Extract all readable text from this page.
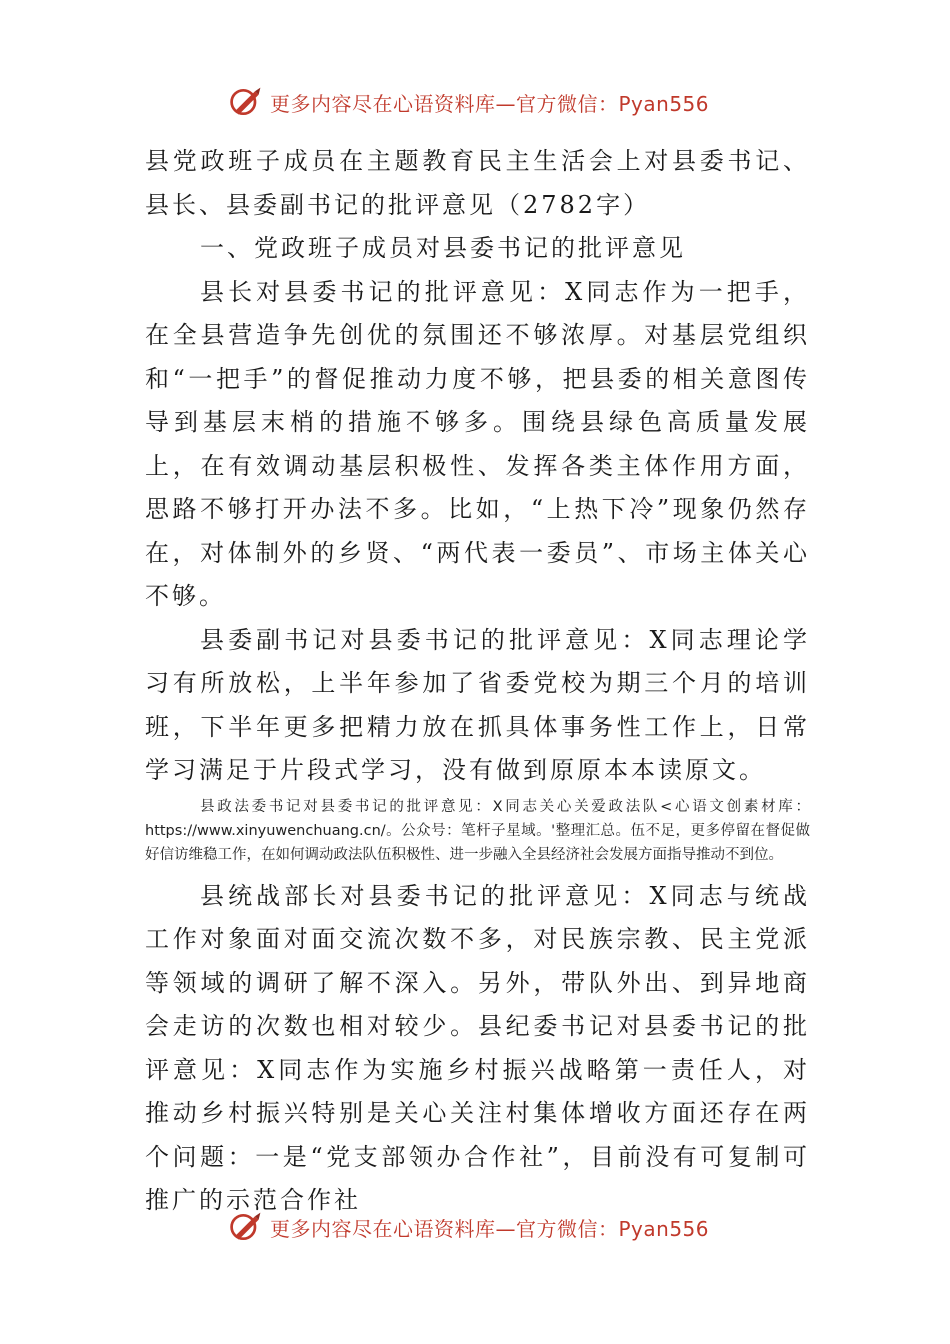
更多内容尽在心语资料库—官方微信：Pyan556

县党政班子成员在主题教育民主生活会上对县委书记、县长、县委副书记的批评意见（2782字）

一、党政班子成员对县委书记的批评意见

县长对县委书记的批评意见：X同志作为一把手，在全县营造争先创优的氛围还不够浓厚。对基层党组织和“一把手”的督促推动力度不够，把县委的相关意图传导到基层末梢的措施不够多。围绕县绿色高质量发展上，在有效调动基层积极性、发挥各类主体作用方面，思路不够打开办法不多。比如，“上热下冷”现象仍然存在，对体制外的乡贤、“两代表一委员”、市场主体关心不够。

县委副书记对县委书记的批评意见：X同志理论学习有所放松，上半年参加了省委党校为期三个月的培训班，下半年更多把精力放在抓具体事务性工作上，日常学习满足于片段式学习，没有做到原原本本读原文。

县政法委书记对县委书记的批评意见：X同志关心关爱政法队<心语文创素材库：https://www.xinyuwenchuang.cn/。公众号：笔杆子星域。'整理汇总。伍不足，更多停留在督促做好信访维稳工作，在如何调动政法队伍积极性、进一步融入全县经济社会发展方面指导推动不到位。

县统战部长对县委书记的批评意见：X同志与统战工作对象面对面交流次数不多，对民族宗教、民主党派等领域的调研了解不深入。另外，带队外出、到异地商会走访的次数也相对较少。县纪委书记对县委书记的批评意见：X同志作为实施乡村振兴战略第一责任人，对推动乡村振兴特别是关心关注村集体增收方面还存在两个问题：一是“党支部领办合作社”，目前没有可复制可推广的示范合作社

更多内容尽在心语资料库—官方微信：Pyan556
